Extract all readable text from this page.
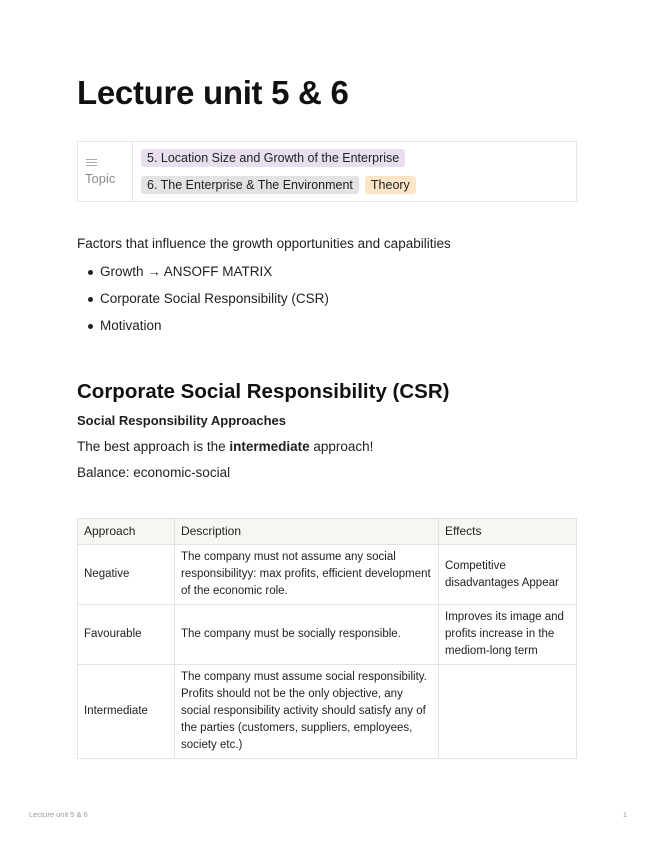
Lecture unit 5 & 6
Topic
5. Location Size and Growth of the Enterprise
6. The Enterprise & The Environment	Theory

Factors that influence the growth opportunities and capabilities

Growth → ANSOFF MATRIX
Corporate Social Responsibility (CSR)
Motivation
Corporate Social Responsibility (CSR)
Social Responsibility Approaches

The best approach is the intermediate approach!

Balance: economic-social

Approach	Description	Effects
Negative	The company must not assume any social responsibilityy: max profits, efficient development of the economic role.	Competitive disadvantages Appear
Favourable	The company must be socially responsible.	Improves its image and profits increase in the mediom-long term
Intermediate	The company must assume social responsibility. Profits should not be the only objective, any social responsibility activity should satisfy any of the parties (customers, suppliers, employees, society etc.)	
Lecture unit 5 & 6	1
